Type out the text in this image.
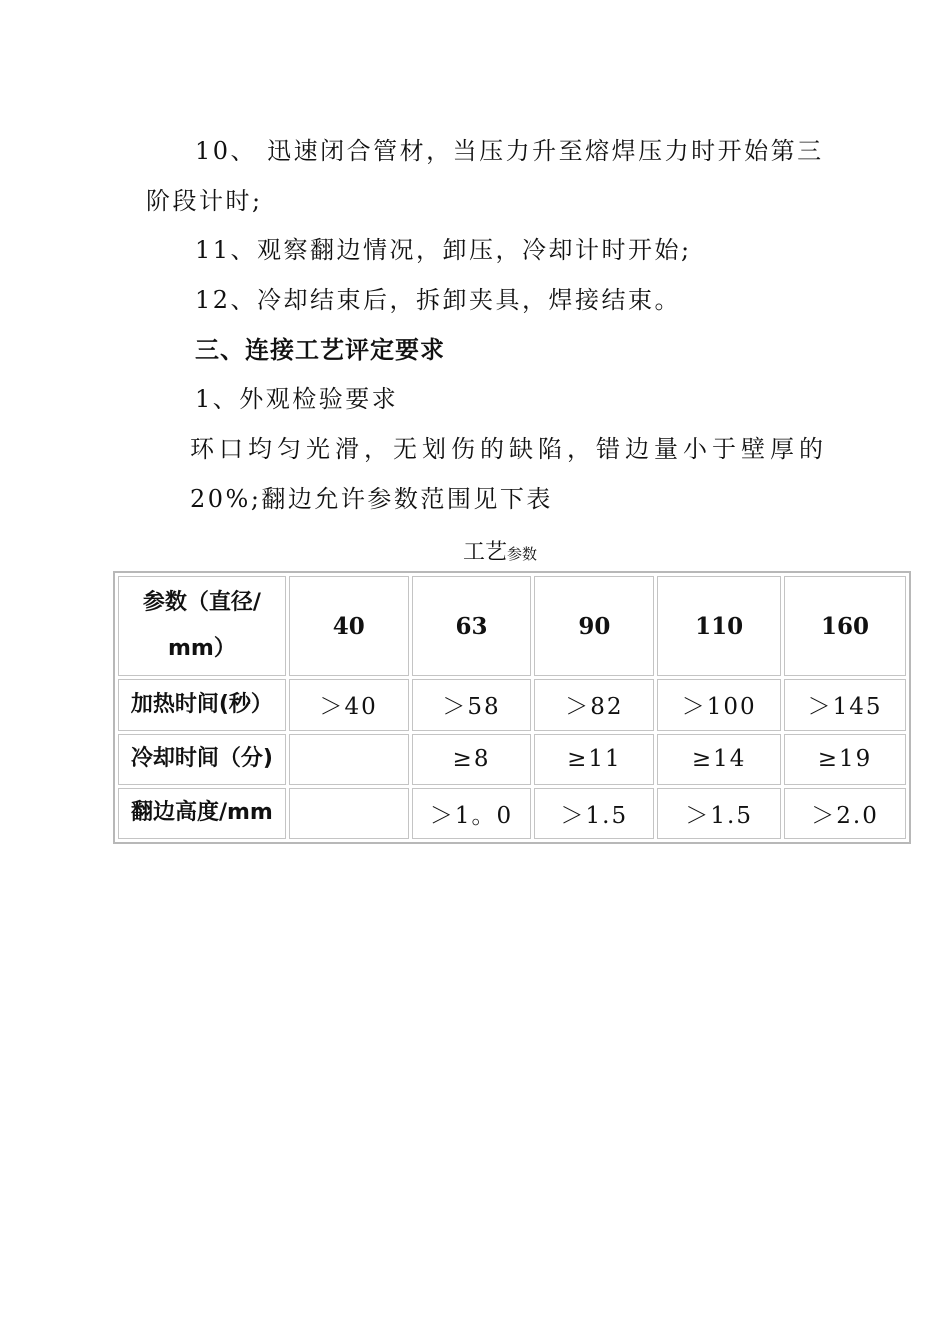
10、 迅速闭合管材，当压力升至熔焊压力时开始第三
阶段计时;
11、观察翻边情况，卸压，冷却计时开始;
12、冷却结束后，拆卸夹具，焊接结束。
三、连接工艺评定要求
1、外观检验要求
环口均匀光滑，无划伤的缺陷，错边量小于壁厚的
20%;翻边允许参数范围见下表
工艺参数
参数（直径/
mm）	40	63	90	110	160
加热时间(秒）	＞40	＞58	＞82	＞100	＞145
冷却时间（分)		≥8	≥11	≥14	≥19
翻边高度/mm		＞1。0	＞1.5	＞1.5	＞2.0
